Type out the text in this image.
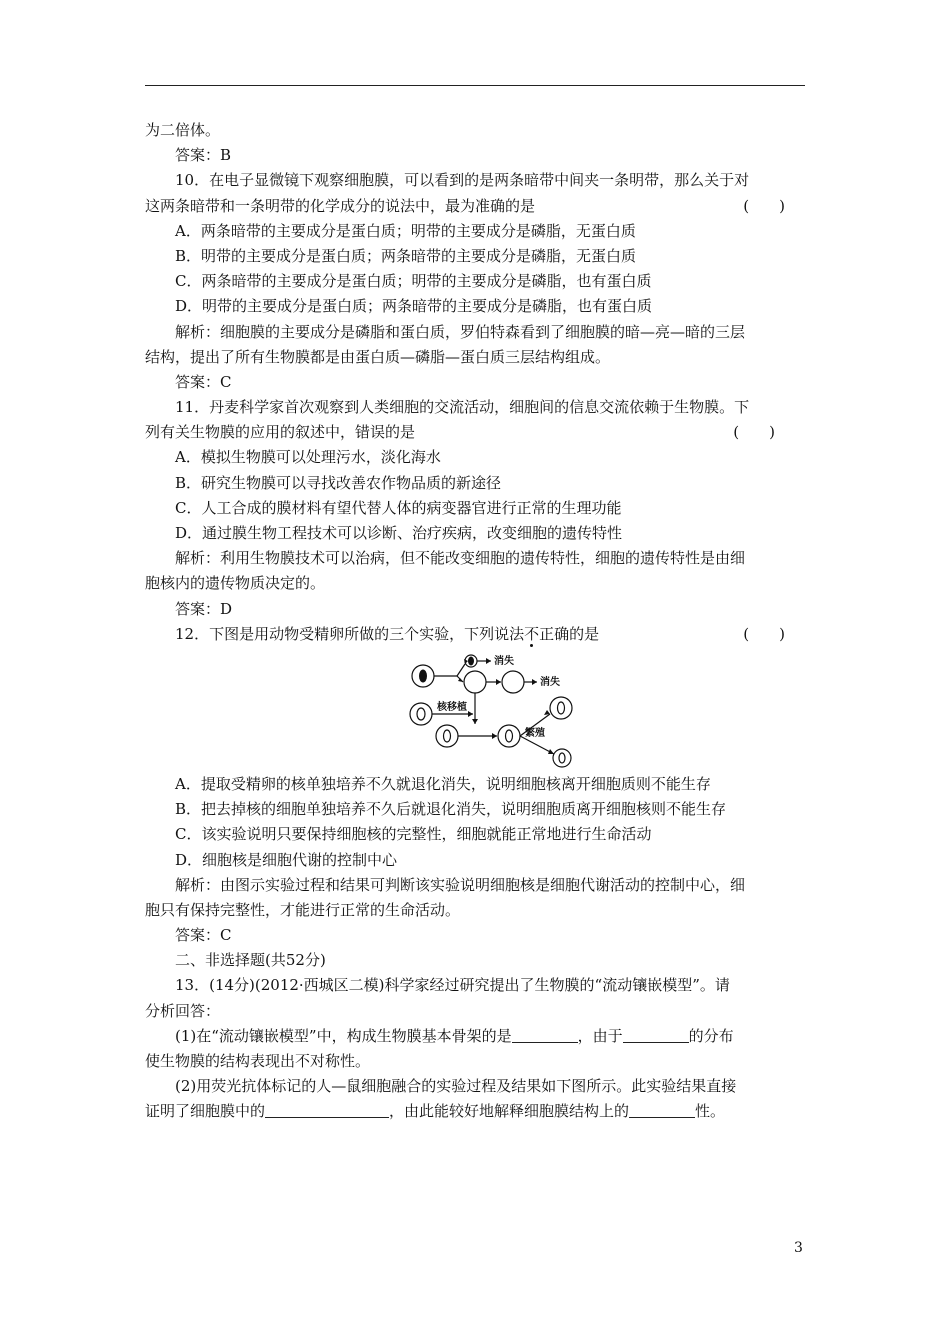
为二倍体。
答案：B
10．在电子显微镜下观察细胞膜，可以看到的是两条暗带中间夹一条明带，那么关于对
这两条暗带和一条明带的化学成分的说法中，最为准确的是	(　　)
A．两条暗带的主要成分是蛋白质；明带的主要成分是磷脂，无蛋白质
B．明带的主要成分是蛋白质；两条暗带的主要成分是磷脂，无蛋白质
C．两条暗带的主要成分是蛋白质；明带的主要成分是磷脂，也有蛋白质
D．明带的主要成分是蛋白质；两条暗带的主要成分是磷脂，也有蛋白质
解析：细胞膜的主要成分是磷脂和蛋白质，罗伯特森看到了细胞膜的暗—亮—暗的三层
结构，提出了所有生物膜都是由蛋白质—磷脂—蛋白质三层结构组成。
答案：C
11．丹麦科学家首次观察到人类细胞的交流活动，细胞间的信息交流依赖于生物膜。下
列有关生物膜的应用的叙述中，错误的是	(　　)
A．模拟生物膜可以处理污水，淡化海水
B．研究生物膜可以寻找改善农作物品质的新途径
C．人工合成的膜材料有望代替人体的病变器官进行正常的生理功能
D．通过膜生物工程技术可以诊断、治疗疾病，改变细胞的遗传特性
解析：利用生物膜技术可以治病，但不能改变细胞的遗传特性，细胞的遗传特性是由细
胞核内的遗传物质决定的。
答案：D
12．下图是用动物受精卵所做的三个实验，下列说法不正确的是	(　　)
消失
消失
核移植
繁殖
A．提取受精卵的核单独培养不久就退化消失，说明细胞核离开细胞质则不能生存
B．把去掉核的细胞单独培养不久后就退化消失，说明细胞质离开细胞核则不能生存
C．该实验说明只要保持细胞核的完整性，细胞就能正常地进行生命活动
D．细胞核是细胞代谢的控制中心
解析：由图示实验过程和结果可判断该实验说明细胞核是细胞代谢活动的控制中心，细
胞只有保持完整性，才能进行正常的生命活动。
答案：C
二、非选择题(共52分)
13．(14分)(2012·西城区二模)科学家经过研究提出了生物膜的“流动镶嵌模型”。请
分析回答：
(1)在“流动镶嵌模型”中，构成生物膜基本骨架的是	，由于	的分布
使生物膜的结构表现出不对称性。
(2)用荧光抗体标记的人—鼠细胞融合的实验过程及结果如下图所示。此实验结果直接
证明了细胞膜中的	，由此能较好地解释细胞膜结构上的	性。
3
